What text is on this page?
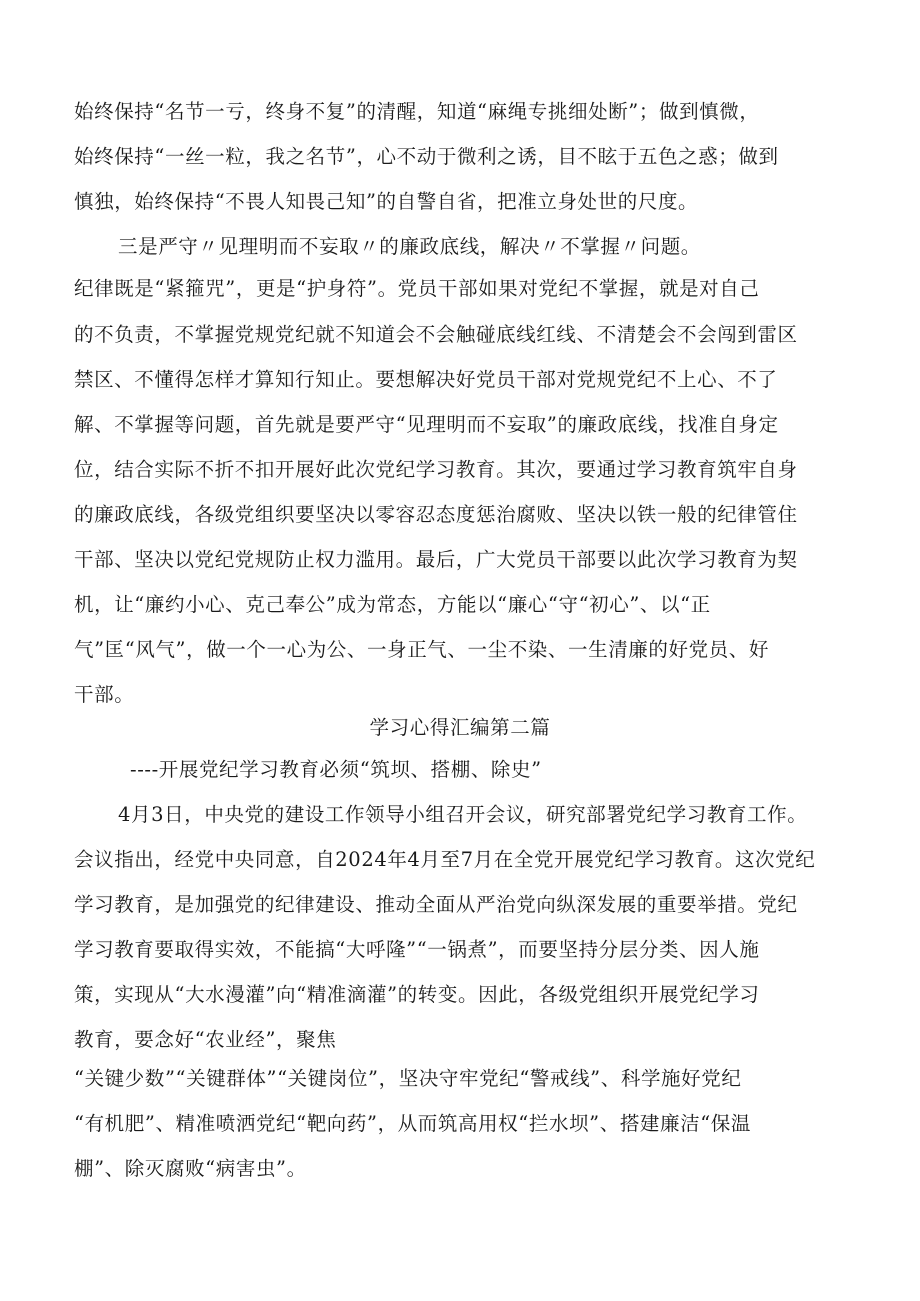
始终保持“名节一亏，终身不复”的清醒，知道“麻绳专挑细处断”；做到慎微，
始终保持“一丝一粒，我之名节”，心不动于微利之诱，目不眩于五色之惑；做到
慎独，始终保持“不畏人知畏己知”的自警自省，把准立身处世的尺度。
三是严守〃见理明而不妄取〃的廉政底线，解决〃不掌握〃问题。
纪律既是“紧箍咒”，更是“护身符”。党员干部如果对党纪不掌握，就是对自己
的不负责，不掌握党规党纪就不知道会不会触碰底线红线、不清楚会不会闯到雷区
禁区、不懂得怎样才算知行知止。要想解决好党员干部对党规党纪不上心、不了
解、不掌握等问题，首先就是要严守“见理明而不妄取”的廉政底线，找准自身定
位，结合实际不折不扣开展好此次党纪学习教育。其次，要通过学习教育筑牢自身
的廉政底线，各级党组织要坚决以零容忍态度惩治腐败、坚决以铁一般的纪律管住
干部、坚决以党纪党规防止权力滥用。最后，广大党员干部要以此次学习教育为契
机，让“廉约小心、克己奉公”成为常态，方能以“廉心“守“初心”、以“正
气”匡“风气”，做一个一心为公、一身正气、一尘不染、一生清廉的好党员、好
干部。
学习心得汇编第二篇
----开展党纪学习教育必须“筑坝、搭棚、除史”
4月3日，中央党的建设工作领导小组召开会议，研究部署党纪学习教育工作。
会议指出，经党中央同意，自2024年4月至7月在全党开展党纪学习教育。这次党纪
学习教育，是加强党的纪律建设、推动全面从严治党向纵深发展的重要举措。党纪
学习教育要取得实效，不能搞“大呼隆”“一锅煮”，而要坚持分层分类、因人施
策，实现从“大水漫灌”向“精准滴灌”的转变。因此，各级党组织开展党纪学习
教育，要念好“农业经”，聚焦
“关键少数”“关键群体”“关键岗位”，坚决守牢党纪“警戒线”、科学施好党纪
“有机肥”、精准喷洒党纪“靶向药”，从而筑高用权“拦水坝”、搭建廉洁“保温
棚”、除灭腐败“病害虫”。
